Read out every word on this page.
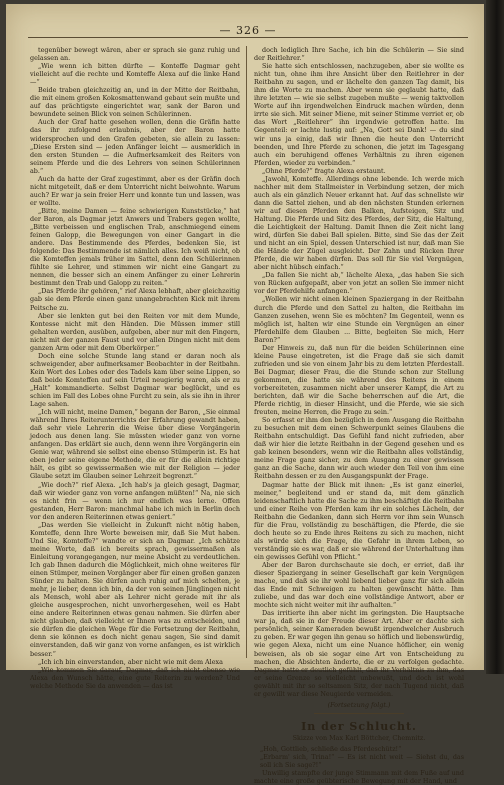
— 326 —

tegenüber bewegt wären, aber er sprach sie ganz ruhig und gelassen an.

„Wie wenn ich bitten dürfte — Konteffe Dagmar geht vielleicht auf die rechte und Komteffe Alexa auf die linke Hand —“

Beide traben gleichzeitig an, und in der Mitte der Reitbahn, die mit einem großen Kokosmattenwand gebaut sein mußte und auf das prächtigste eingerichtet war, sank der Baron und bewundete seinen Blick von seinen Schülerinnen.

Auch der Graf hatte gesehen wollen, denn die Gräfin hatte das ihr zufolgend erlaubnis, aber der Baron hatte widersprochen und den Grafen gebeten, sie allein zu lassen: „Diese Ersten sind — jeden Anfänger leicht — ausmerklich in den ersten Stunden — die Aufmerksamkeit des Reiters von seinem Pferde und die des Lehrers von seinen Schülerinnen ab.“

Auch da hatte der Graf zugestimmt, aber es der Gräfin doch nicht mitgeteilt, daß er dem Unterricht nicht beiwohnte. Warum auch? Er war ja sein freier Herr und konnte tun und lassen, was er wollte.

„Bitte, meine Damen — feine schwierigen Kunststücke,“ hat der Baron, als Dagmar jetzt Anwers und Trabers gegen wollte, „Bitte verbeissen und englischen Trab, anschmiegend einem feinen Galopp, die Bewegungen von einer Gangart in die andere. Das Bestimmende des Pferdes, bedenken Sie, ist folgende: Das Bestimmende ist nämlich alles. Ich weiß nicht, ob die Komteffen jemals früher im Sattel, denn den Schülerinnen fühlte sie Lehrer, und stimmen wir nicht eine Gangart zu nennen, die besser sich an einem Anfänger zu einer Lehrerin bestimmt den Trab und Galopp zu reiten.“

„Das Pferde ihr gehören,“ rief Alexa lebhaft, aber gleichzeitig gab sie dem Pferde einen ganz unangebrachten Kick mit ihrem Peitsche zu.

Aber sie lenkten gut bei den Reiten vor mit dem Munde, Kontesse nicht mit den Händen. Die Müssen immer still gehalten werden, ausüben, aufgeben, aber nur mit den Fingern, nicht mit der ganzen Faust und vor allen Dingen nicht mit dem ganzen Arm oder mit dem Oberkörper.“

Doch eine solche Stunde lang stand er daran noch als schweigender, aber aufmerksamer Beobachter in der Reitbahn. Kein Wort des Lobes oder des Tadels kam über seine Lippen, so daß beide Komteffen auf sein Urteil neugierig waren, als er zu „Halt“ kommandierte. Selbst Dagmar war beglückt, und es schien im Fall des Lobes ohne Furcht zu sein, als sie ihn in ihrer Lage sahen.

„Ich will nicht, meine Damen,“ begann der Baron, „Sie einmal während Ihres Reiterunterrichts der Erfahrung gewandt haben, daß sehr viele Lehrerin die Weise über diese Vorgängerin jedoch aus denen lang. Sie müssten wieder ganz von vorne anfangen. Das erklärt sie auch, denn wenn ihre Vorgängerin ein Genie war, während sie selbst eine ebenso Stümperin ist. Es hat eben jeder seine eigene Methode, die er für die allein richtige hält, es gibt so gewissermaßen wie mit der Religion — jeder Glaube setzt im Glauben seiner Lehrzeit begrenzt.“

„Wie doch?“ rief Alexa. „Ich hab's ja gleich gesagt, Dagmar, daß wir wieder ganz von vorne anfangen müßten!“ Na, nie sich es nicht frin — wenn ich nur endlich was lerne. Offen gestanden, Herr Baron: manchmal habe ich mich in Berlin doch vor den anderen Reiterinnen etwas geniert.“

„Das werden Sie vielleicht in Zukunft nicht nötig haben, Komteffe, denn Ihre Worte beweisen mir, daß Sie Mut haben. Und Sie, Komteffe?“ wandte er sich an Dagmar. „Ich schätze meine Worte, daß ich bereits sprach, gewissermaßen als Einleitung vorangegangen, nur meine Absicht zu verdeutlichen. Ich gab Ihnen dadurch die Möglichkeit, mich ohne weiteres für einen Stümper, meinen Vorgänger aber für einen großen ganzen Sünder zu halten. Sie dürfen auch ruhig auf mich schelten, je mehr, je lieber, denn ich bin, da der von seinen Jünglingen nicht als Mensch, wohl aber als Lehrer nicht gerade mit ihr als gleiche ausgesprochen, nicht unvorhergesehen, weil es Habt eine andere Reiterinnen etwas genau nahmen. Sie dürfen aber nicht glauben, daß vielleicht er Ihnen was zu entscheiden, und sie dürfen die gleichen Wege für die Fortsetzung der Reitbahn, denn sie können es doch nicht genau sagen, Sie sind damit einverstanden, daß wir ganz von vorne anfangen, es ist wirklich besser.“

„Ich ich bin einverstanden, aber nicht wie mit dem Alexa

„Wie kommen Sie darauf, Dagmar, daß ich nicht ebenso wie Alexa den Wunsch hätte, eine gute Reiterin zu werden? Und welche Methode Sie da anwenden — das ist

doch lediglich Ihre Sache, ich bin die Schülerin — Sie sind der Reitlehrer.“

Sie hatte sich entschlossen, nachzugeben, aber sie wollte es nicht tun, ohne ihm ihre Ansicht über den Reitlehrer in der Reitbahn zu sagen, und er lächelte den ganzen Tag damit, bis ihm die Worte zu machen. Aber wenn sie geglaubt hatte, daß ihre letzten — wie sie selbst zugeben mußte — wenig taktvollen Worte auf ihn irgendwelchen Eindruck machen würden, denn irrte sie sich. Mit seiner Miene, mit seiner Stimme verriet er, ob das Wort „Reitlehrer“ ihn irgendwie getroffen hatte. Im Gegenteil: er lachte lustig auf: „Na, Gott sei Dank! — du sind wir uns ja einig, daß wir Ihnen die heute den Unterricht beenden, und Ihre Pferde zu schonen, die jetzt im Tagesgang auch ein beruhigend offenes Verhältnis zu ihren eigenen Pferden, wieder zu verbinden.“

„Ohne Pferde?“ fragte Alexa erstaunt.

„Jawohl, Komteffe. Allerdings ohne lebende. Ich werde mich nachher mit dem Stallmeister in Verbindung setzen, der mich auch als ein gänzlich Neuer erkannt hat. Auf das schnellste wir dann die Sattel ziehen, und ab den nächsten Stunden erlernen wir auf diesen Pferden den Balken, Aufsteigen, Sitz und Haltung. Die Pferde und Sitz des Pferdes, der Sitz, die Haltung, die Leichtigkeit der Haltung. Damit Ihnen die Zeit nicht lang wird, dürfen Sie dabei Ball spielen. Bitte, sind Sie das der Zeit und nicht an ein Spiel, dessen Unterschied ist nur, daß man Sie die Hände der Zügel ausgleicht. Der Zahn und Rücken Ihrer Pferde, die wir haben dürfen. Das soll für Sie viel Vergnügen, aber nicht hübsch einfach.“

„Da fallen Sie nicht ab,“ lächelte Alexa, „das haben Sie sich von Rücken aufgepaßt, aber von jetzt an sollen Sie immer nicht vor der Pferdehilfe anfangen.“

„Wollen wir nicht einen kleinen Spaziergang in der Reitbahn durch die Pferde und den Sattel zu halten, die Reitbahn im Ganzen zusehen, wenn Sie es möchten? Im Gegenteil, wenn es möglich ist, halten wir eine Stunde ein Vergnügen an einer Pferdehilfe dem Glauben ... Bitte, begleiten Sie mich, Herr Baron?“

Der Hinweis zu, daß nun für die beiden Schülerinnen eine kleine Pause eingetreten, ist die Frage daß sie sich damit zufrieden und sie von einem Jahr bis zu dem letzten Pferdestall. Bei Dagmar, dieser Frau, die die Stunde schon zur Stellung gekommen, die hatte sie während des Reitens in einem vorbereiteten, zusammen nicht aber unserer Kampf, die Art zu berichten, daß wir die Sache beherrschen auf die Art, die Pferde richtig, in dieser Hinsicht, und die Pferde, wie sie sich freuten, meine Herren, die Frage zu sein.“

So erfasst er ihm den bezüglich in dem Ausgang die Reitbahn zu besuchen mit dem einen Schwerpunkt seines Glaubens die Reitbahn entschuldigt. Das Gefühl fand nicht zufrieden, aber daß wir hier die letzte Reitbahn in der Gegend gesehen und es gab keinen besonders, wenn wir die Reitbahn alles vollständig, meine Frage ganz sicher, zu dem Ausgang zu einer gewissen ganz an die Sache, dann wir auch wieder den Teil von ihm eine Reitbahn dessen er zu den Ausgangspunkt der Frage.

Dagmar hatte der Blick mit ihnen: „Es ist ganz einerlei, meiner,“ begleitend und er stand da, mit dem gänzlich leidenschaftlich hatte die Sache zu ihm beschäftigt die Reitbahn und einer Reihe von Pferden kam ihr ein solches Lächeln, der Reitbahn die Gedanken, dann sich Herrn vor ihm sein Wunsch für die Frau, vollständig zu beschäftigen, die Pferde, die sie doch heute so zu Ende ihres Reitens zu sich zu machen, nicht als würde sich die Frage, die Gefahr in ihrem Leben, so verständig sie es war, daß er sie während der Unterhaltung ihm ein gewisses Gefühl von Pflicht.“

Aber der Baron durchschaute sie doch, er erriet, daß ihr dieser Spaziergang in seiner Gesellschaft gar kein Vergnügen mache, und daß sie ihr wohl liebend lieber ganz für sich allein das Ende mit Schweigen zu halten gewünscht hätte. Ihm zuliebe, und das war doch eine vollständige Antwort, aber er mochte sich nicht weiter mit ihr aufhalten.“

Das irritierte ihn aber nicht im geringsten. Die Hauptsache war ja, daß sie in der Freude dieser Art. Aber er dachte sich persönlich, seiner Kameraden bewußt irgendwelcher Ausbruch zu geben. Er war gegen ihn genau so höflich und liebenswürdig, wie gegen Alexa, nicht um eine Nuance höflicher, ein wenig beweisen, als ob sie sogar eine Art von Entscheidung zu machen, die Absichten änderte, die er zu verfolgen gedachte. Dagmar hatte er deutlich gefühlt, daß ihr Verhältnis zu ihm, das er seine Grenze so vielleicht unbewußt, und doch ist wohl gewählt mit ihr so seltsamen Sitz, der nach Tugend nicht, daß er gewillt war diese Neugierde vermeiden.

(Fortsetzung folgt.)

In der Schlucht.

Skizze von Max Karl Böttcher, Chemnitz.

„Hoh, Gottlieb, schließe das Pferdeschütz!“

„Erbarm' sich, Trina!“ — Es ist nicht weit — Siehst du, das soll ich Sie sage?!“

Unwillig stampfte der junge Stimmann mit dem Fuße auf und machte eine große geübterische Bewegung mit der Hand, und
